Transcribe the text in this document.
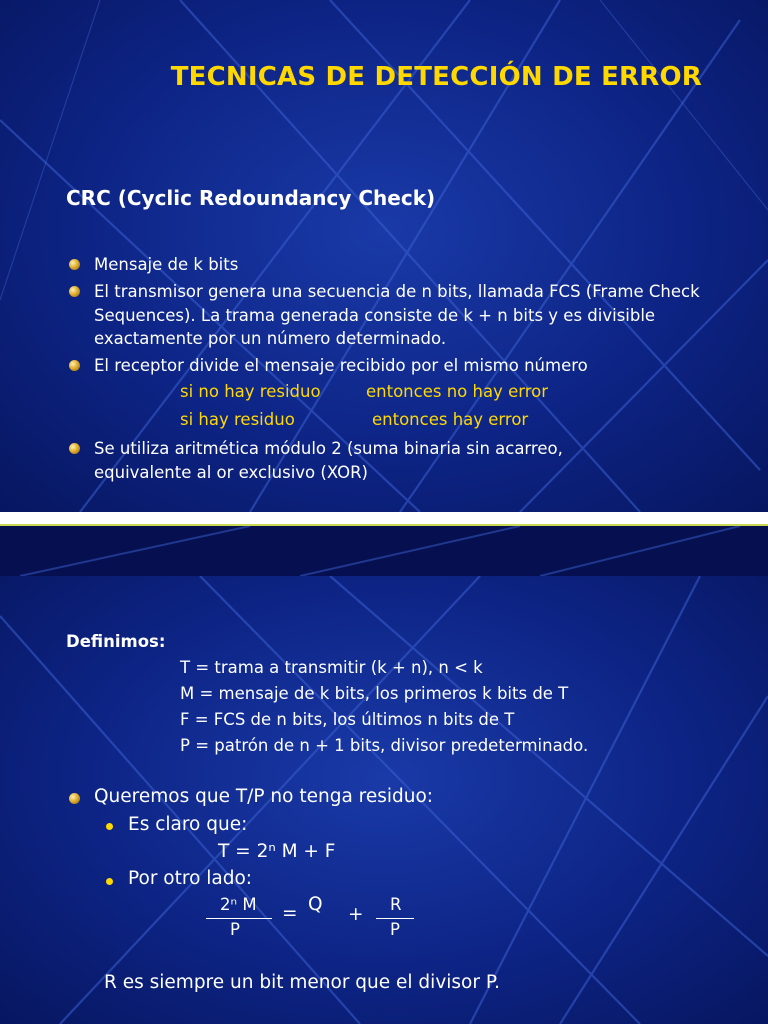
TECNICAS DE DETECCIÓN DE ERROR
CRC (Cyclic Redoundancy Check)
Mensaje de k bits
El transmisor genera una secuencia de n bits, llamada FCS (Frame Check Sequences). La trama generada consiste de k + n bits y es divisible exactamente por un número determinado.
El receptor divide el mensaje recibido por el mismo número
si no hay residuo	entonces no hay error
si hay residuo	entonces hay error
Se utiliza aritmética módulo 2 (suma binaria sin acarreo, equivalente al or exclusivo (XOR)
Definimos:
T = trama a transmitir (k + n), n < k
M = mensaje de k bits, los primeros k bits de T
F = FCS de n bits, los últimos n bits de T
P = patrón de n + 1 bits, divisor predeterminado.
Queremos que T/P no tenga residuo:
Es claro que:
T = 2ⁿ M + F
Por otro lado:
2ⁿ M
P
= Q + R
P
R es siempre un bit menor que el divisor P.
